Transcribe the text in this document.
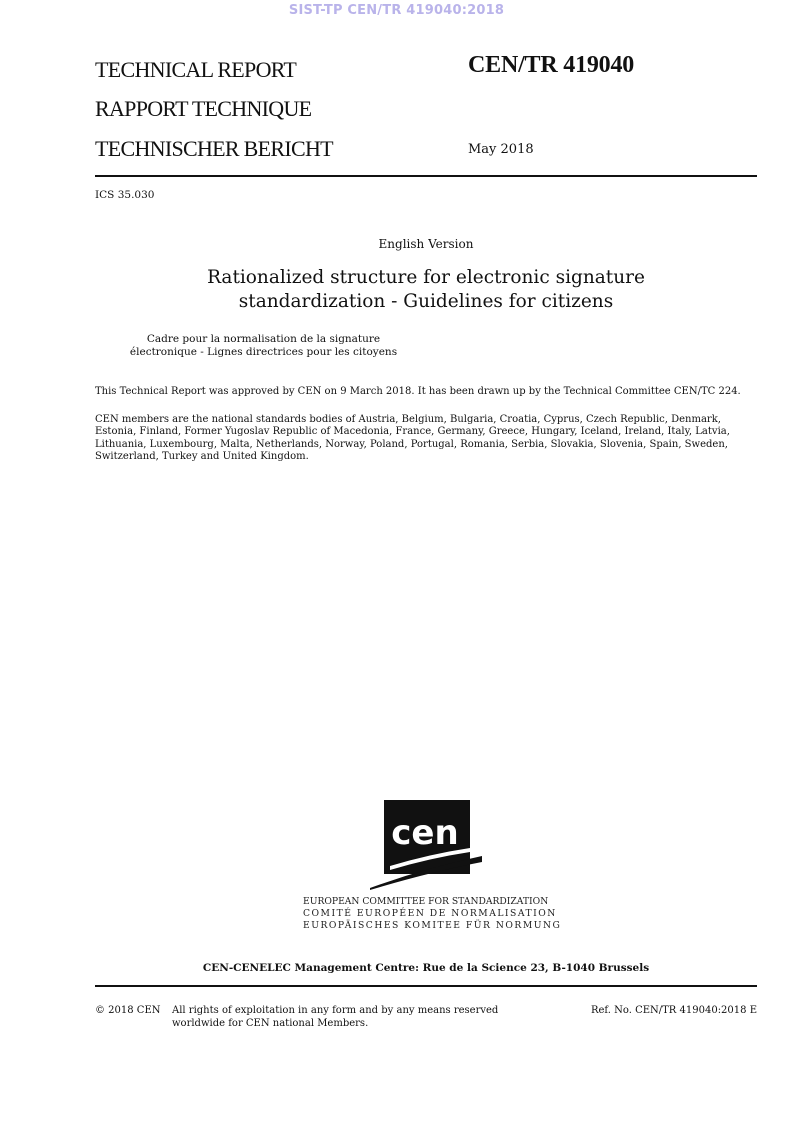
SIST-TP CEN/TR 419040:2018
TECHNICAL REPORT
RAPPORT TECHNIQUE
TECHNISCHER BERICHT
CEN/TR 419040
May 2018
ICS 35.030
English Version
Rationalized structure for electronic signature
standardization - Guidelines for citizens
Cadre pour la normalisation de la signature
électronique - Lignes directrices pour les citoyens
This Technical Report was approved by CEN on 9 March 2018. It has been drawn up by the Technical Committee CEN/TC 224.
CEN members are the national standards bodies of Austria, Belgium, Bulgaria, Croatia, Cyprus, Czech Republic, Denmark, Estonia, Finland, Former Yugoslav Republic of Macedonia, France, Germany, Greece, Hungary, Iceland, Ireland, Italy, Latvia, Lithuania, Luxembourg, Malta, Netherlands, Norway, Poland, Portugal, Romania, Serbia, Slovakia, Slovenia, Spain, Sweden, Switzerland, Turkey and United Kingdom.
cen
EUROPEAN COMMITTEE FOR STANDARDIZATION
COMITÉ EUROPÉEN DE NORMALISATION
EUROPÄISCHES KOMITEE FÜR NORMUNG
CEN-CENELEC Management Centre: Rue de la Science 23, B-1040 Brussels
© 2018 CEN All rights of exploitation in any form and by any means reserved
worldwide for CEN national Members.
Ref. No. CEN/TR 419040:2018 E
